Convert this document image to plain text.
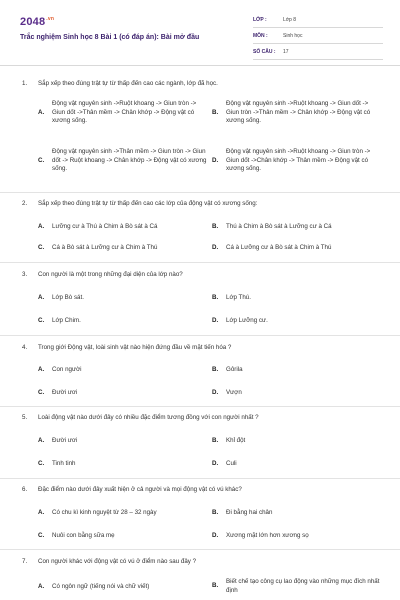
$2048^{.vn}$
Trắc nghiệm Sinh học 8 Bài 1 (có đáp án): Bài mở đầu
LỚP :	Lớp 8
MÔN :	Sinh học
SỐ CÂU :	17
1.	Sắp xếp theo đúng trật tự từ thấp đến cao các ngành, lớp đã học.
A.
Động vật nguyên sinh ->Ruột khoang -> Giun tròn -> Giun dốt ->Thân mềm -> Chân khớp -> Động vật có xương sống.
B.
Động vật nguyên sinh ->Ruột khoang -> Giun dốt -> Giun tròn ->Thân mềm -> Chân khớp -> Động vật có xương sống.
C.
Động vật nguyên sinh ->Thân mềm -> Giun tròn -> Giun dốt -> Ruột khoang -> Chân khớp -> Động vật có xương sống.
D.
Động vật nguyên sinh ->Ruột khoang -> Giun tròn -> Giun dốt ->Chân khớp -> Thân mềm -> Động vật có xương sống.
2.	Sắp xếp theo đúng trật tự từ thấp đến cao các lớp của động vật có xương sống:
A.	Lưỡng cư à Thú à Chim à Bò sát à Cá	B.	Thú à Chim à Bò sát à Lưỡng cư à Cá
C.	Cá à Bò sát à Lưỡng cư à Chim à Thú	D.	Cá à Lưỡng cư à Bò sát à Chim à Thú
3.	Con người là một trong những đại diện của lớp nào?
A.	Lớp Bò sát.	B.	Lớp Thú.
C.	Lớp Chim.	D.	Lớp Lưỡng cư.
4.	Trong giới Động vật, loài sinh vật nào hiện đứng đầu về mặt tiến hóa ?
A.	Con người	B.	Gôrila
C.	Đười ươi	D.	Vượn
5.	Loài động vật nào dưới đây có nhiều đặc điểm tương đồng với con người nhất ?
A.	Đười ươi	B.	Khỉ đột
C.	Tinh tinh	D.	Culi
6.	Đặc điểm nào dưới đây xuất hiện ở cả người và mọi động vật có vú khác?
A.	Có chu kì kinh nguyệt từ 28 – 32 ngày	B.	Đi bằng hai chân
C.	Nuôi con bằng sữa mẹ	D.	Xương mặt lớn hơn xương sọ
7.	Con người khác với động vật có vú ở điểm nào sau đây ?
A.	Có ngôn ngữ (tiếng nói và chữ viết)	B.
Biết chế tạo công cụ lao động vào những mục đích nhất định
